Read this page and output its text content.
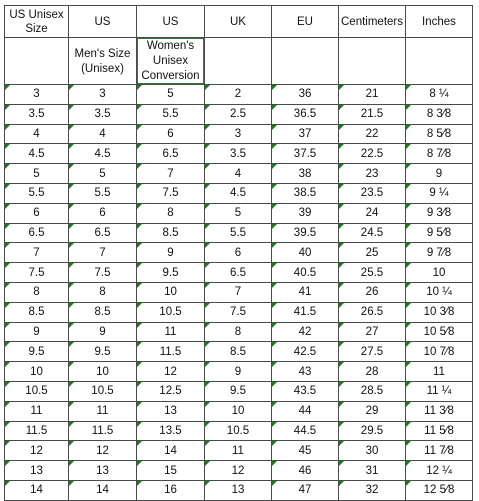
US Unisex Size	US	US	UK	EU	Centimeters	Inches

	Men's Size (Unisex)	Women's Unisex Conversion				

3	3	5	2	36	21	8 ¼

3.5	3.5	5.5	2.5	36.5	21.5	8 3⁄8

4	4	6	3	37	22	8 5⁄8

4.5	4.5	6.5	3.5	37.5	22.5	8 7⁄8

5	5	7	4	38	23	9

5.5	5.5	7.5	4.5	38.5	23.5	9 ¼

6	6	8	5	39	24	9 3⁄8

6.5	6.5	8.5	5.5	39.5	24.5	9 5⁄8

7	7	9	6	40	25	9 7⁄8

7.5	7.5	9.5	6.5	40.5	25.5	10

8	8	10	7	41	26	10 ¼

8.5	8.5	10.5	7.5	41.5	26.5	10 3⁄8

9	9	11	8	42	27	10 5⁄8

9.5	9.5	11.5	8.5	42.5	27.5	10 7⁄8

10	10	12	9	43	28	11

10.5	10.5	12.5	9.5	43.5	28.5	11 ¼

11	11	13	10	44	29	11 3⁄8

11.5	11.5	13.5	10.5	44.5	29.5	11 5⁄8

12	12	14	11	45	30	11 7⁄8

13	13	15	12	46	31	12 ¼

14	14	16	13	47	32	12 5⁄8
